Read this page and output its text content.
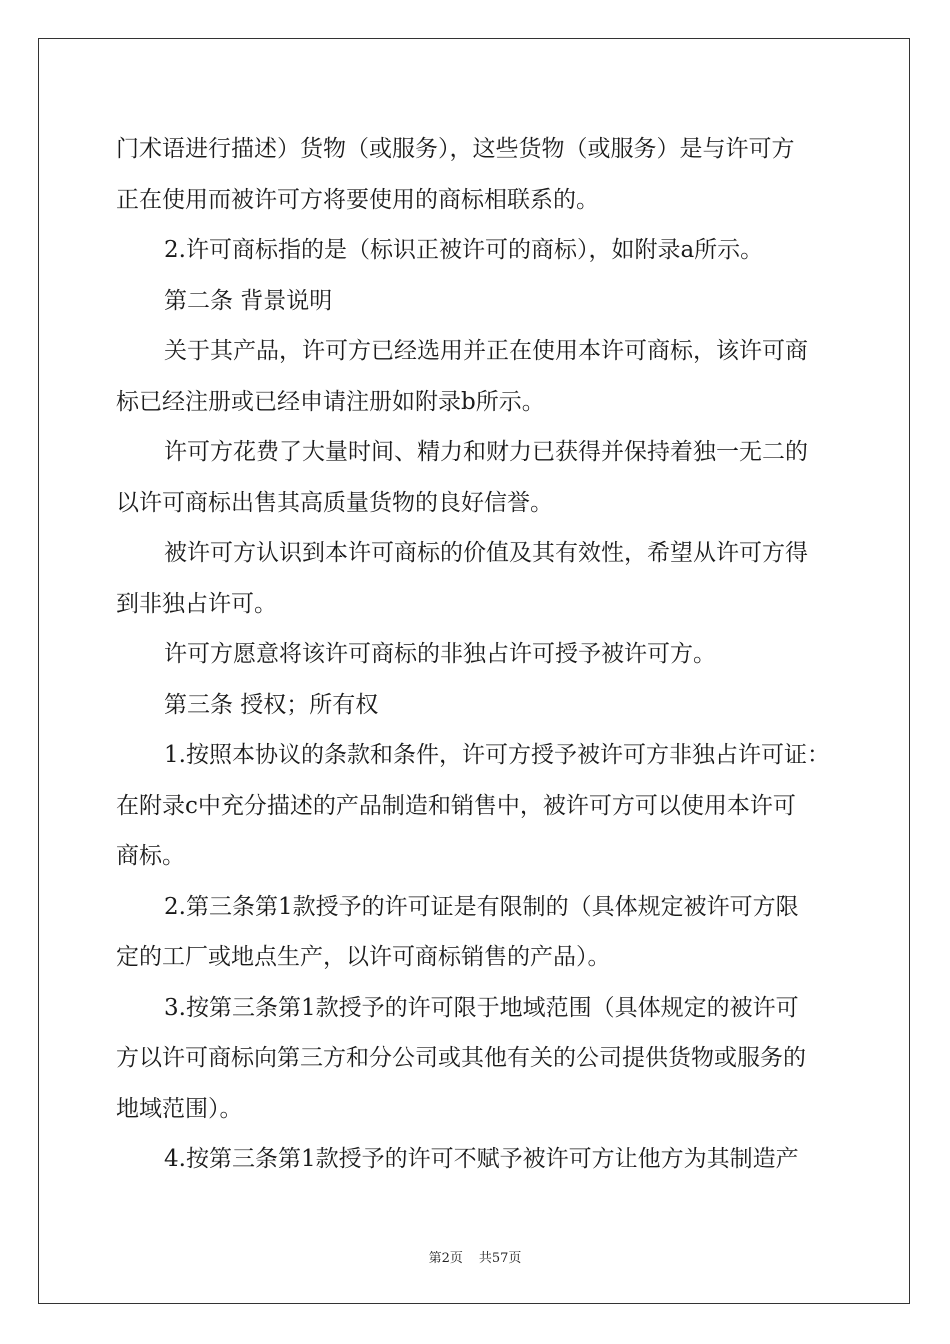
门术语进行描述）货物（或服务），这些货物（或服务）是与许可方
正在使用而被许可方将要使用的商标相联系的。
2.许可商标指的是（标识正被许可的商标），如附录a所示。
第二条 背景说明
关于其产品，许可方已经选用并正在使用本许可商标，该许可商
标已经注册或已经申请注册如附录b所示。
许可方花费了大量时间、精力和财力已获得并保持着独一无二的
以许可商标出售其高质量货物的良好信誉。
被许可方认识到本许可商标的价值及其有效性，希望从许可方得
到非独占许可。
许可方愿意将该许可商标的非独占许可授予被许可方。
第三条 授权；所有权
1.按照本协议的条款和条件，许可方授予被许可方非独占许可证：
在附录c中充分描述的产品制造和销售中，被许可方可以使用本许可
商标。
2.第三条第1款授予的许可证是有限制的（具体规定被许可方限
定的工厂或地点生产，以许可商标销售的产品）。
3.按第三条第1款授予的许可限于地域范围（具体规定的被许可
方以许可商标向第三方和分公司或其他有关的公司提供货物或服务的
地域范围）。
4.按第三条第1款授予的许可不赋予被许可方让他方为其制造产
第2页 共57页
